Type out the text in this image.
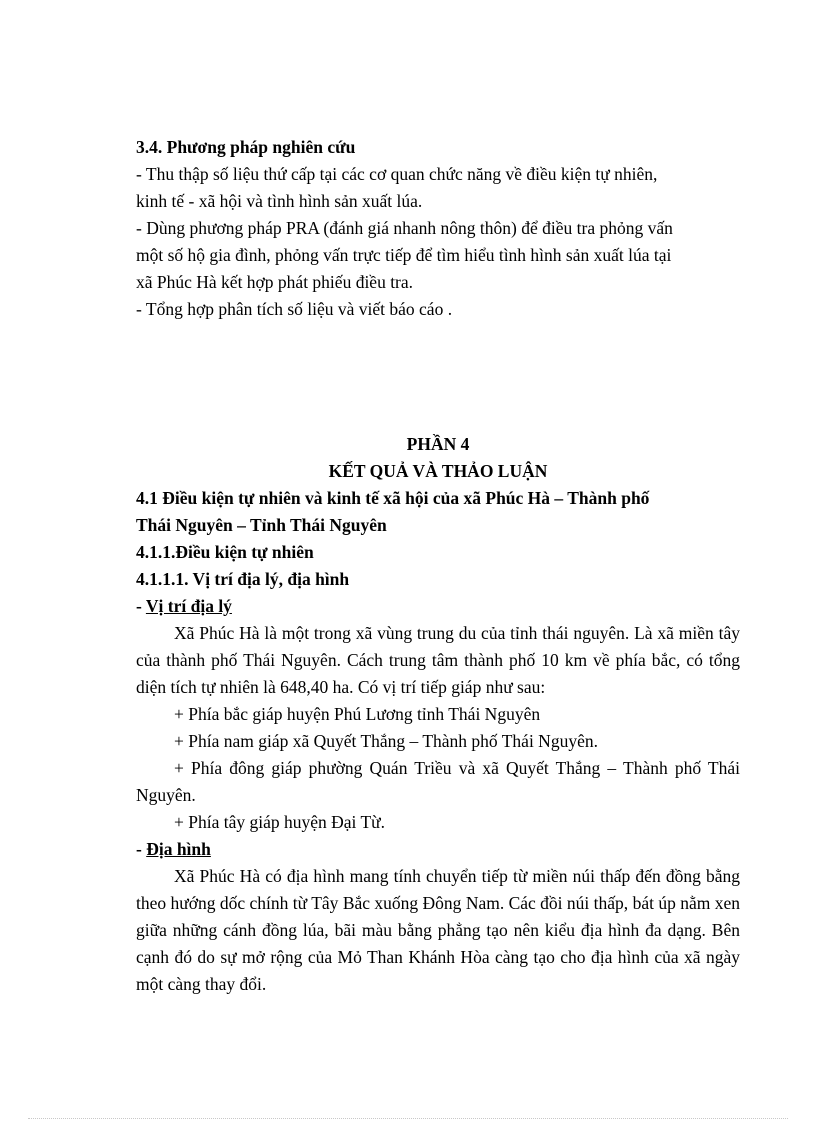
3.4. Phương pháp nghiên cứu
- Thu thập số liệu thứ cấp tại các cơ quan chức năng về điều kiện tự nhiên,
kinh tế - xã hội và tình hình sản xuất lúa.
- Dùng phương pháp PRA (đánh giá nhanh nông thôn) để điều tra phỏng vấn
một số hộ gia đình, phỏng vấn trực tiếp để tìm hiểu tình hình sản xuất lúa tại
xã Phúc Hà kết hợp phát phiếu điều tra.
- Tổng hợp phân tích số liệu và viết báo cáo .
PHẦN 4
KẾT QUẢ VÀ THẢO LUẬN
4.1 Điều kiện tự nhiên và kinh tế xã hội của xã Phúc Hà – Thành phố
Thái Nguyên – Tỉnh Thái Nguyên
4.1.1.Điều kiện tự nhiên
4.1.1.1. Vị trí địa lý, địa hình
- Vị trí địa lý
Xã Phúc Hà là một trong xã vùng trung du của tỉnh thái nguyên. Là xã miền tây của thành phố Thái Nguyên. Cách trung tâm thành phố 10 km về phía bắc, có tổng diện tích tự nhiên là 648,40 ha. Có vị trí tiếp giáp như sau:
+ Phía bắc giáp huyện Phú Lương tỉnh Thái Nguyên
+ Phía nam giáp xã Quyết Thắng – Thành phố Thái Nguyên.
+ Phía đông giáp phường Quán Triều và xã Quyết Thắng – Thành phố Thái Nguyên.
+ Phía tây giáp huyện Đại Từ.
- Địa hình
Xã Phúc Hà có địa hình mang tính chuyển tiếp từ miền núi thấp đến đồng bằng theo hướng dốc chính từ Tây Bắc xuống Đông Nam. Các đồi núi thấp, bát úp nằm xen giữa những cánh đồng lúa, bãi màu bằng phẳng tạo nên kiểu địa hình đa dạng. Bên cạnh đó do sự mở rộng của Mỏ Than Khánh Hòa càng tạo cho địa hình của xã ngày một càng thay đổi.
